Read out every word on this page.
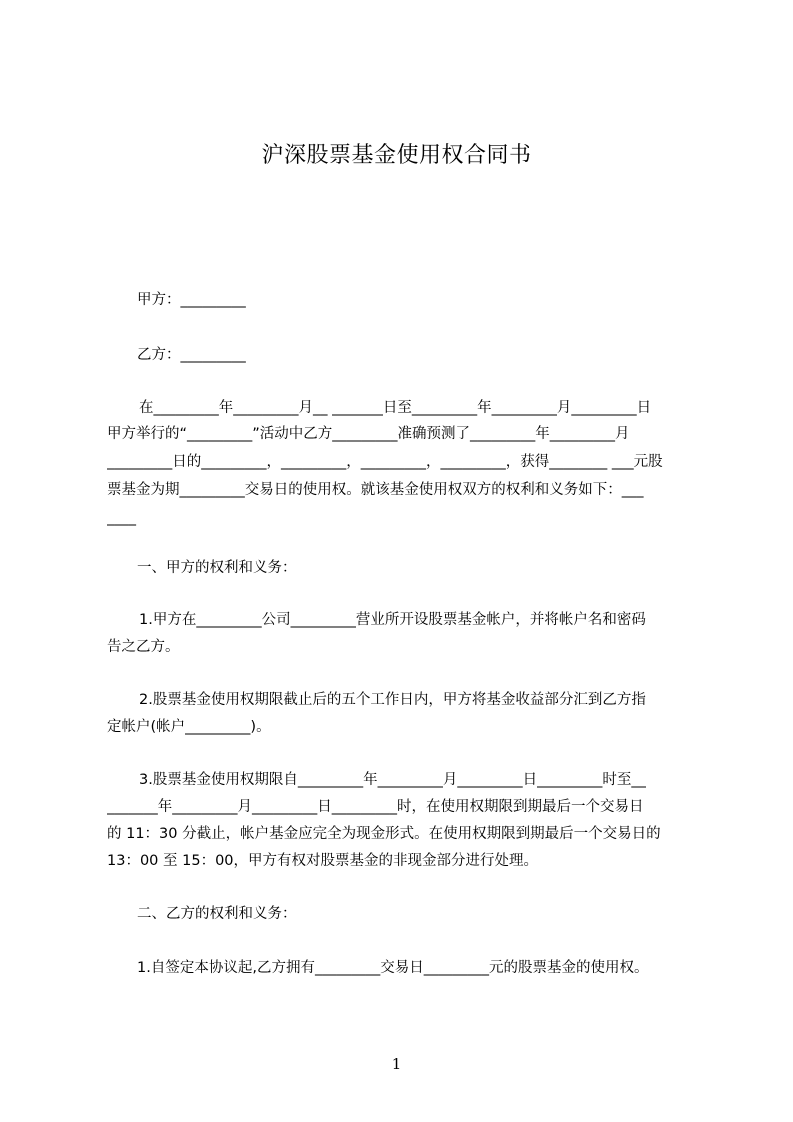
沪深股票基金使用权合同书
甲方：_________
乙方：_________
在_________年_________月__ _______日至_________年_________月_________日
甲方举行的“_________”活动中乙方_________准确预测了_________年_________月
_________日的_________，_________，_________，_________，获得________ ___元股
票基金为期_________交易日的使用权。就该基金使用权双方的权利和义务如下：___
____
一、甲方的权利和义务：
1.甲方在_________公司_________营业所开设股票基金帐户，并将帐户名和密码
告之乙方。
2.股票基金使用权期限截止后的五个工作日内，甲方将基金收益部分汇到乙方指
定帐户(帐户_________)。
3.股票基金使用权期限自_________年_________月_________日_________时至__
_______年_________月_________日_________时，在使用权期限到期最后一个交易日
的 11：30 分截止，帐户基金应完全为现金形式。在使用权期限到期最后一个交易日的
13：00 至 15：00，甲方有权对股票基金的非现金部分进行处理。
二、乙方的权利和义务：
1.自签定本协议起,乙方拥有_________交易日_________元的股票基金的使用权。
1
